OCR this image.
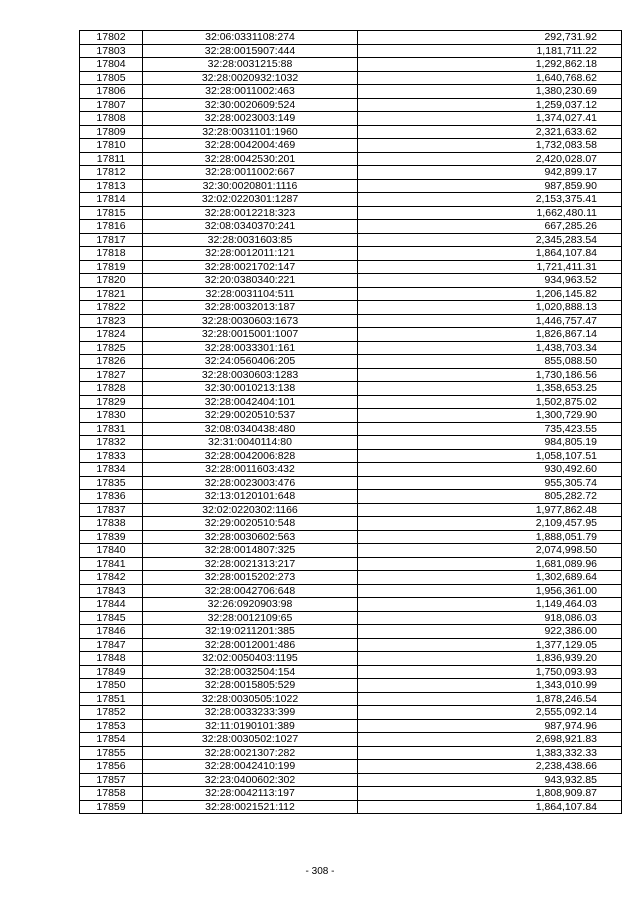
17802	32:06:0331108:274	292,731.92
17803	32:28:0015907:444	1,181,711.22
17804	32:28:0031215:88	1,292,862.18
17805	32:28:0020932:1032	1,640,768.62
17806	32:28:0011002:463	1,380,230.69
17807	32:30:0020609:524	1,259,037.12
17808	32:28:0023003:149	1,374,027.41
17809	32:28:0031101:1960	2,321,633.62
17810	32:28:0042004:469	1,732,083.58
17811	32:28:0042530:201	2,420,028.07
17812	32:28:0011002:667	942,899.17
17813	32:30:0020801:1116	987,859.90
17814	32:02:0220301:1287	2,153,375.41
17815	32:28:0012218:323	1,662,480.11
17816	32:08:0340370:241	667,285.26
17817	32:28:0031603:85	2,345,283.54
17818	32:28:0012011:121	1,864,107.84
17819	32:28:0021702:147	1,721,411.31
17820	32:20:0380340:221	934,963.52
17821	32:28:0031104:511	1,206,145.82
17822	32:28:0032013:187	1,020,888.13
17823	32:28:0030603:1673	1,446,757.47
17824	32:28:0015001:1007	1,826,867.14
17825	32:28:0033301:161	1,438,703.34
17826	32:24:0560406:205	855,088.50
17827	32:28:0030603:1283	1,730,186.56
17828	32:30:0010213:138	1,358,653.25
17829	32:28:0042404:101	1,502,875.02
17830	32:29:0020510:537	1,300,729.90
17831	32:08:0340438:480	735,423.55
17832	32:31:0040114:80	984,805.19
17833	32:28:0042006:828	1,058,107.51
17834	32:28:0011603:432	930,492.60
17835	32:28:0023003:476	955,305.74
17836	32:13:0120101:648	805,282.72
17837	32:02:0220302:1166	1,977,862.48
17838	32:29:0020510:548	2,109,457.95
17839	32:28:0030602:563	1,888,051.79
17840	32:28:0014807:325	2,074,998.50
17841	32:28:0021313:217	1,681,089.96
17842	32:28:0015202:273	1,302,689.64
17843	32:28:0042706:648	1,956,361.00
17844	32:26:0920903:98	1,149,464.03
17845	32:28:0012109:65	918,086.03
17846	32:19:0211201:385	922,386.00
17847	32:28:0012001:486	1,377,129.05
17848	32:02:0050403:1195	1,836,939.20
17849	32:28:0032504:154	1,750,093.93
17850	32:28:0015805:529	1,343,010.99
17851	32:28:0030505:1022	1,878,246.54
17852	32:28:0033233:399	2,555,092.14
17853	32:11:0190101:389	987,974.96
17854	32:28:0030502:1027	2,698,921.83
17855	32:28:0021307:282	1,383,332.33
17856	32:28:0042410:199	2,238,438.66
17857	32:23:0400602:302	943,932.85
17858	32:28:0042113:197	1,808,909.87
17859	32:28:0021521:112	1,864,107.84
- 308 -
